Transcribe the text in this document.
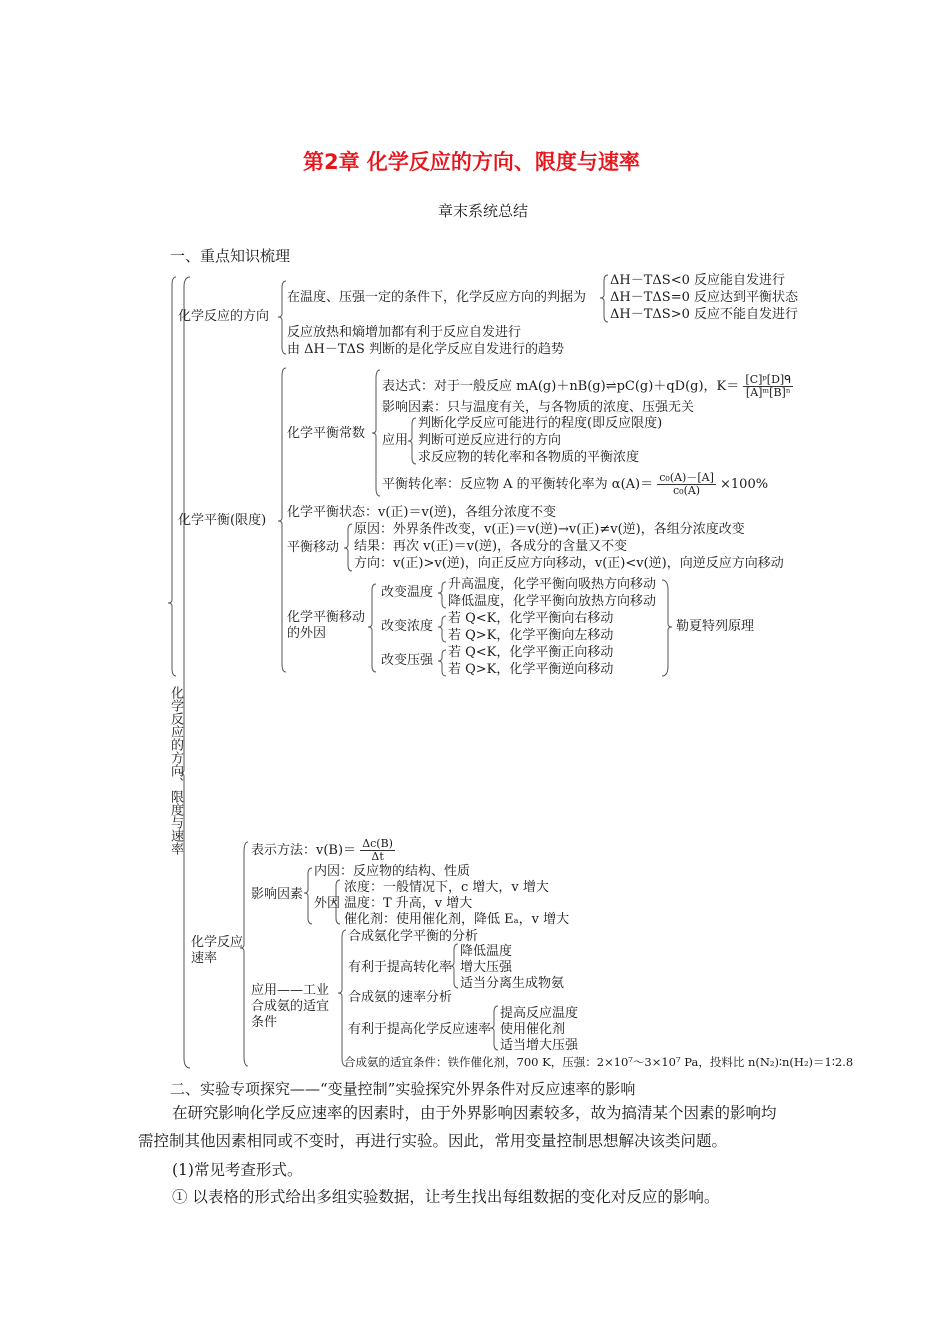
第2章 化学反应的方向、限度与速率
章末系统总结
一、重点知识梳理
化学反应的方向、限度与速率
化学反应的方向
在温度、压强一定的条件下，化学反应方向的判据为
ΔH－TΔS<0 反应能自发进行
ΔH－TΔS=0 反应达到平衡状态
ΔH－TΔS>0 反应不能自发进行
反应放热和熵增加都有利于反应自发进行
由 ΔH－TΔS 判断的是化学反应自发进行的趋势
化学平衡(限度)
化学平衡常数
表达式：对于一般反应 mA(g)＋nB(g)⇌pC(g)＋qD(g)，$K= \frac{\text{[C]ᵖ[D]ᑫ}}{\text{[A]ᵐ[B]ⁿ}}$
影响因素：只与温度有关，与各物质的浓度、压强无关
应用
判断化学反应可能进行的程度(即反应限度)
判断可逆反应进行的方向
求反应物的转化率和各物质的平衡浓度
平衡转化率：反应物 A 的平衡转化率为 $\alpha(A)= \frac{\text{c₀(A)－[A]}}{\text{c₀(A)}} \times 100\%$
化学平衡状态：v(正)＝v(逆)，各组分浓度不变
平衡移动
原因：外界条件改变，v(正)＝v(逆)→v(正)≠v(逆)，各组分浓度改变
结果：再次 v(正)＝v(逆)，各成分的含量又不变
方向：v(正)>v(逆)，向正反应方向移动，v(正)<v(逆)，向逆反应方向移动
化学平衡移动的外因
改变温度
升高温度，化学平衡向吸热方向移动
降低温度，化学平衡向放热方向移动
改变浓度
若 Q<K，化学平衡向右移动
若 Q>K，化学平衡向左移动
改变压强
若 Q<K，化学平衡正向移动
若 Q>K，化学平衡逆向移动
勒夏特列原理
化学反应速率
表示方法：$v(B)= \frac{\Delta c(B)}{\Delta t}$
影响因素
内因：反应物的结构、性质
外因
浓度：一般情况下，c 增大，v 增大
温度：T 升高，v 增大
催化剂：使用催化剂，降低 Eₐ，v 增大
应用——工业合成氨的适宜条件
合成氨化学平衡的分析
有利于提高转化率
降低温度
增大压强
适当分离生成物氨
合成氨的速率分析
有利于提高化学反应速率
提高反应温度
使用催化剂
适当增大压强
合成氨的适宜条件：铁作催化剂，700 K，压强：2×10⁷～3×10⁷ Pa，投料比 n(N₂)∶n(H₂)＝1∶2.8
二、实验专项探究——“变量控制”实验探究外界条件对反应速率的影响
在研究影响化学反应速率的因素时，由于外界影响因素较多，故为搞清某个因素的影响均
需控制其他因素相同或不变时，再进行实验。因此，常用变量控制思想解决该类问题。
(1)常见考查形式。
① 以表格的形式给出多组实验数据，让考生找出每组数据的变化对反应的影响。
